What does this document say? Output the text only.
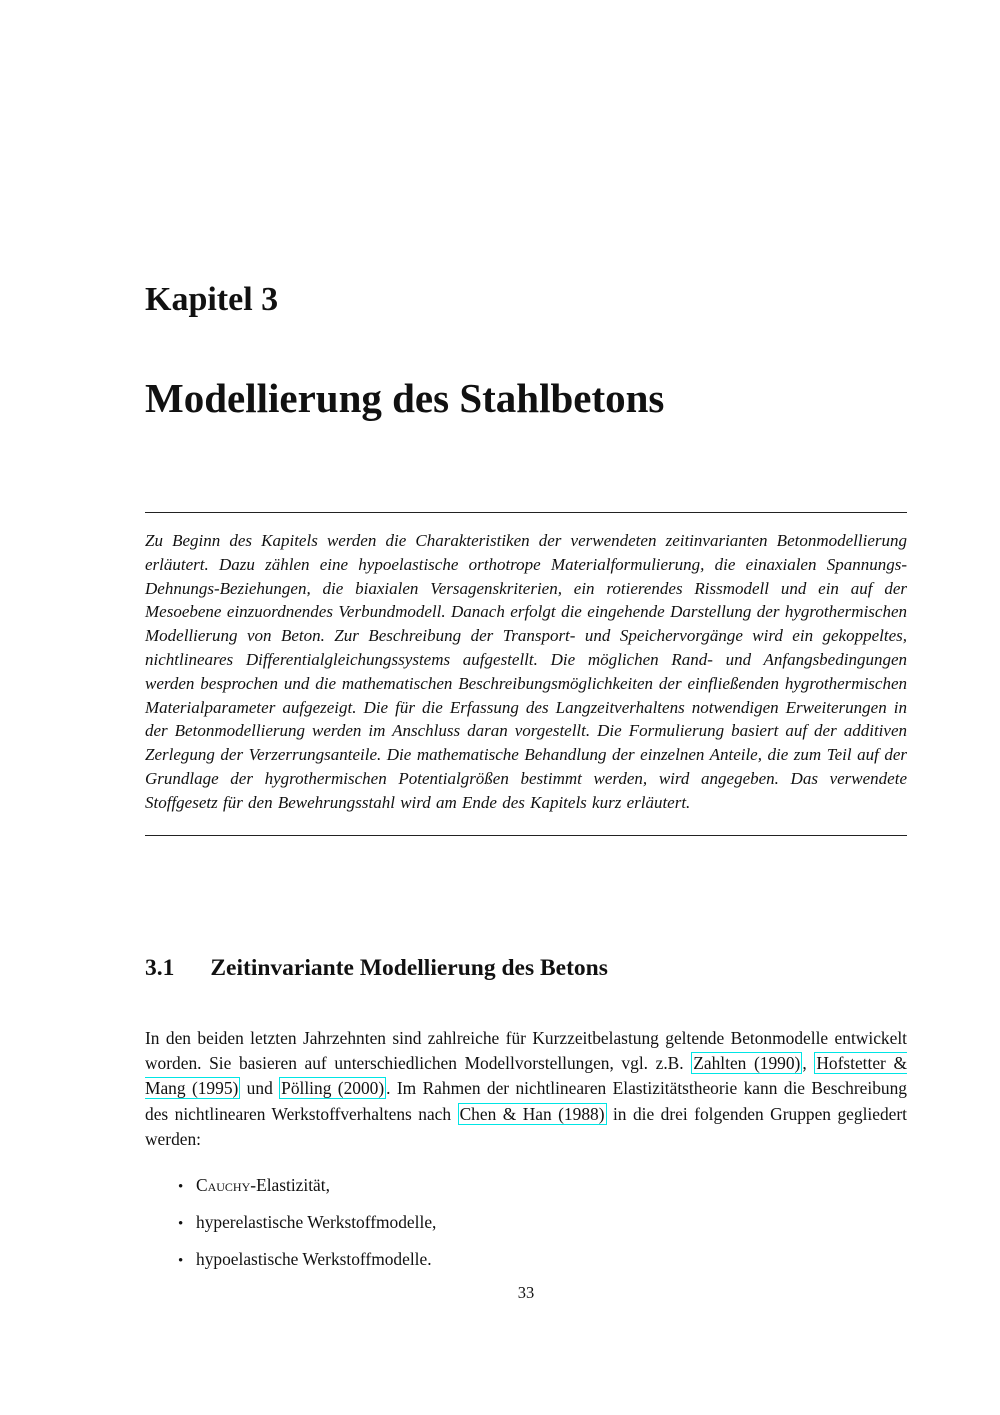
Kapitel 3
Modellierung des Stahlbetons

Zu Beginn des Kapitels werden die Charakteristiken der verwendeten zeitinvarianten Betonmodellierung erläutert. Dazu zählen eine hypoelastische orthotrope Materialformulierung, die einaxialen Spannungs-Dehnungs-Beziehungen, die biaxialen Versagenskriterien, ein rotierendes Rissmodell und ein auf der Mesoebene einzuordnendes Verbundmodell. Danach erfolgt die eingehende Darstellung der hygrothermischen Modellierung von Beton. Zur Beschreibung der Transport- und Speichervorgänge wird ein gekoppeltes, nichtlineares Differentialgleichungssystems aufgestellt. Die möglichen Rand- und Anfangsbedingungen werden besprochen und die mathematischen Beschreibungsmöglichkeiten der einfließenden hygrothermischen Materialparameter aufgezeigt. Die für die Erfassung des Langzeitverhaltens notwendigen Erweiterungen in der Betonmodellierung werden im Anschluss daran vorgestellt. Die Formulierung basiert auf der additiven Zerlegung der Verzerrungsanteile. Die mathematische Behandlung der einzelnen Anteile, die zum Teil auf der Grundlage der hygrothermischen Potentialgrößen bestimmt werden, wird angegeben. Das verwendete Stoffgesetz für den Bewehrungsstahl wird am Ende des Kapitels kurz erläutert.

3.1 Zeitinvariante Modellierung des Betons

In den beiden letzten Jahrzehnten sind zahlreiche für Kurzzeitbelastung geltende Betonmodelle entwickelt worden. Sie basieren auf unterschiedlichen Modellvorstellungen, vgl. z.B. Zahlten (1990) , Hofstetter & Mang (1995) und Pölling (2000) . Im Rahmen der nichtlinearen Elastizitätstheorie kann die Beschreibung des nichtlinearen Werkstoffverhaltens nach Chen & Han (1988) in die drei folgenden Gruppen gegliedert werden:

• Cauchy-Elastizität,
• hyperelastische Werkstoffmodelle,
• hypoelastische Werkstoffmodelle.
33
